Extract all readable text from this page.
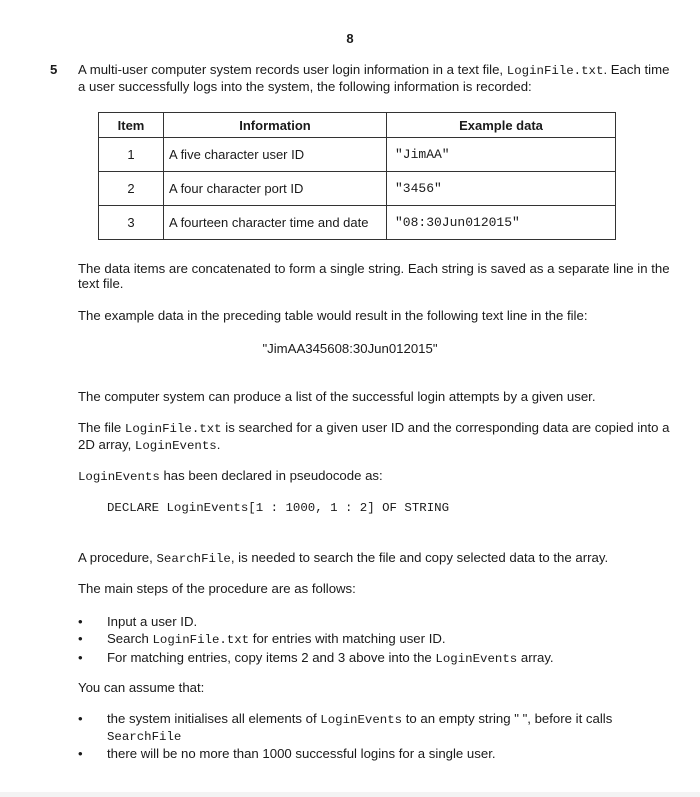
8
5 A multi-user computer system records user login information in a text file, LoginFile.txt. Each time a user successfully logs into the system, the following information is recorded:
Item	Information	Example data
1	A five character user ID	"JimAA"
2	A four character port ID	"3456"
3	A fourteen character time and date	"08:30Jun012015"
The data items are concatenated to form a single string. Each string is saved as a separate line in the text file.
The example data in the preceding table would result in the following text line in the file:
"JimAA345608:30Jun012015"
The computer system can produce a list of the successful login attempts by a given user.
The file LoginFile.txt is searched for a given user ID and the corresponding data are copied into a 2D array, LoginEvents.
LoginEvents has been declared in pseudocode as:
DECLARE LoginEvents[1 : 1000, 1 : 2] OF STRING
A procedure, SearchFile, is needed to search the file and copy selected data to the array.
The main steps of the procedure are as follows:
• Input a user ID.
• Search LoginFile.txt for entries with matching user ID.
• For matching entries, copy items 2 and 3 above into the LoginEvents array.
You can assume that:
• the system initialises all elements of LoginEvents to an empty string " ", before it calls SearchFile
• there will be no more than 1000 successful logins for a single user.
